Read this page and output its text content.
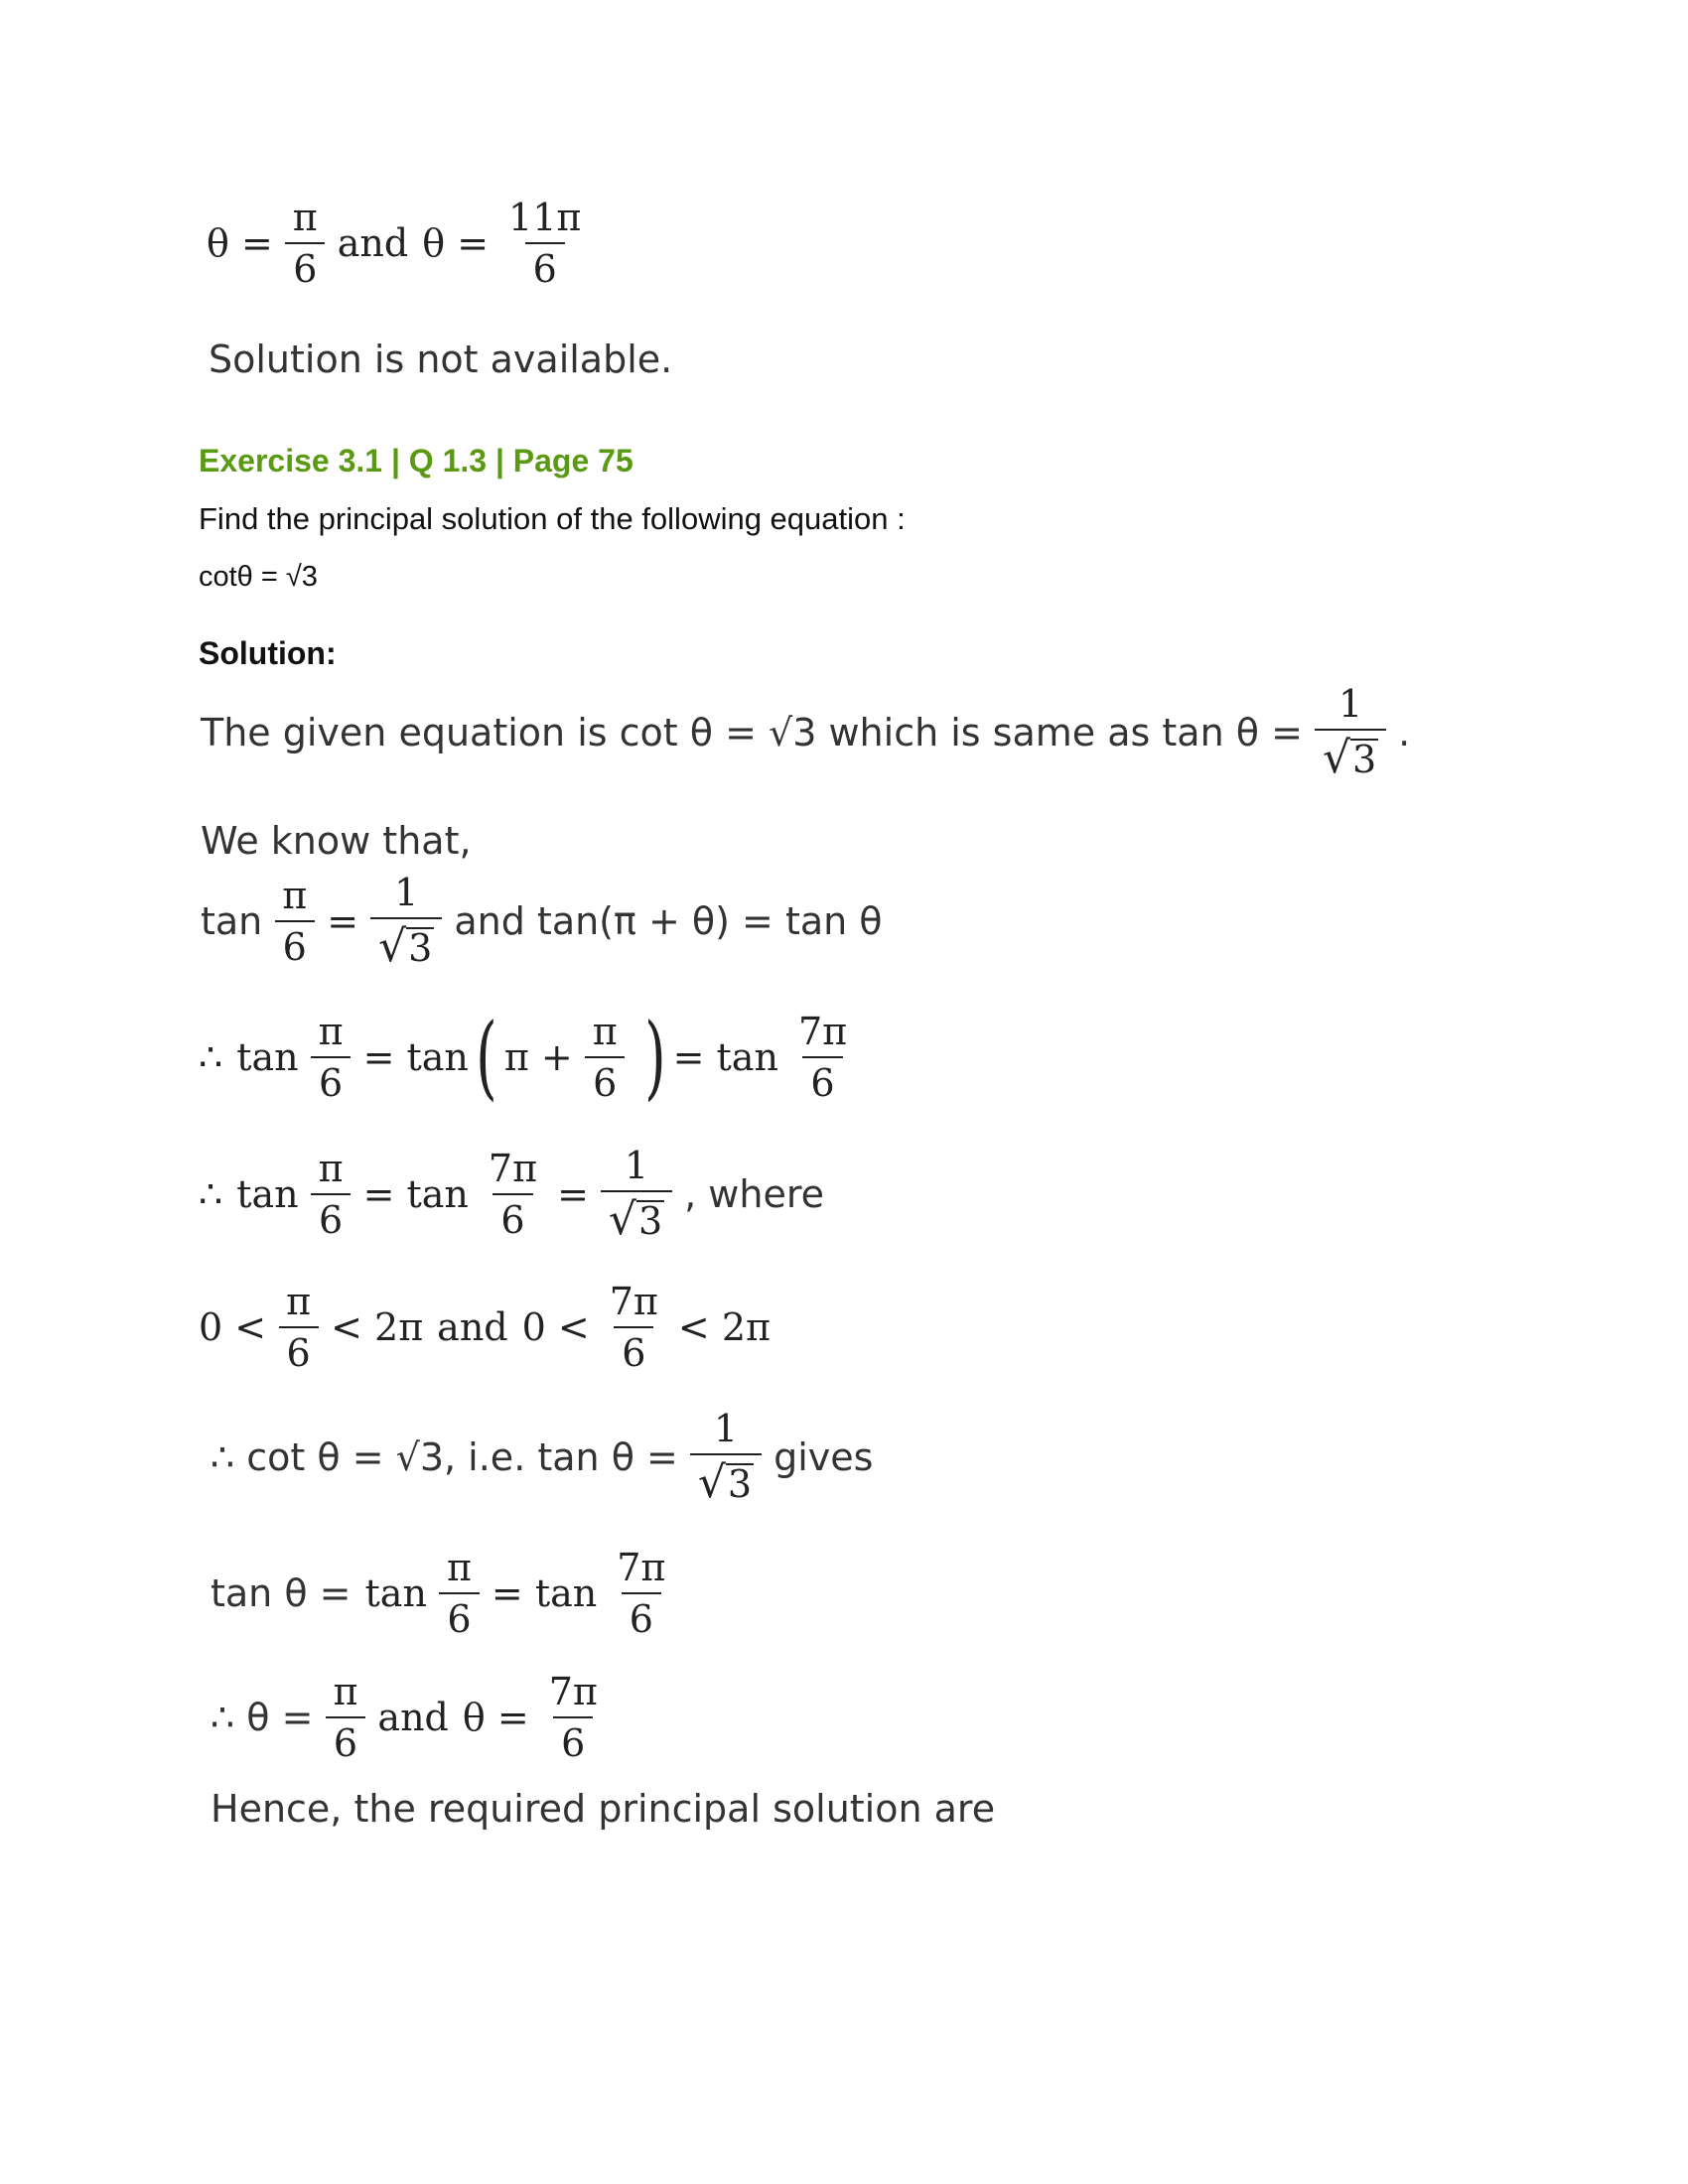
$\theta = \frac{\pi}{6}$ and $\theta = \frac{11\pi}{6}$
Solution is not available.
Exercise 3.1 | Q 1.3 | Page 75
Find the principal solution of the following equation :
cotθ = √3
Solution:
The given equation is cot θ = √3 which is same as $\tan \theta = \frac{1}{√ 3}$ .
We know that,
$\tan \frac{\pi}{6} = \frac{1}{√ 3}$ and tan(π + θ) = tan θ
∴ $\tan \frac{\pi}{6} = \tan$ ( $\pi + \frac{\pi}{6}$ ) = $\tan \frac{7\pi}{6}$
∴ $\tan \frac{\pi}{6} = \tan \frac{7\pi}{6} = \frac{1}{√ 3}$ , where
$0 < \frac{\pi}{6} < 2\pi$ and $0 < \frac{7\pi}{6} < 2\pi$
∴ cot θ = √3, i.e. $\tan \theta = \frac{1}{√ 3}$ gives
$\tan \theta = \tan \frac{\pi}{6} = \tan \frac{7\pi}{6}$
∴ $\theta = \frac{\pi}{6}$ and $\theta = \frac{7\pi}{6}$
Hence, the required principal solution are
